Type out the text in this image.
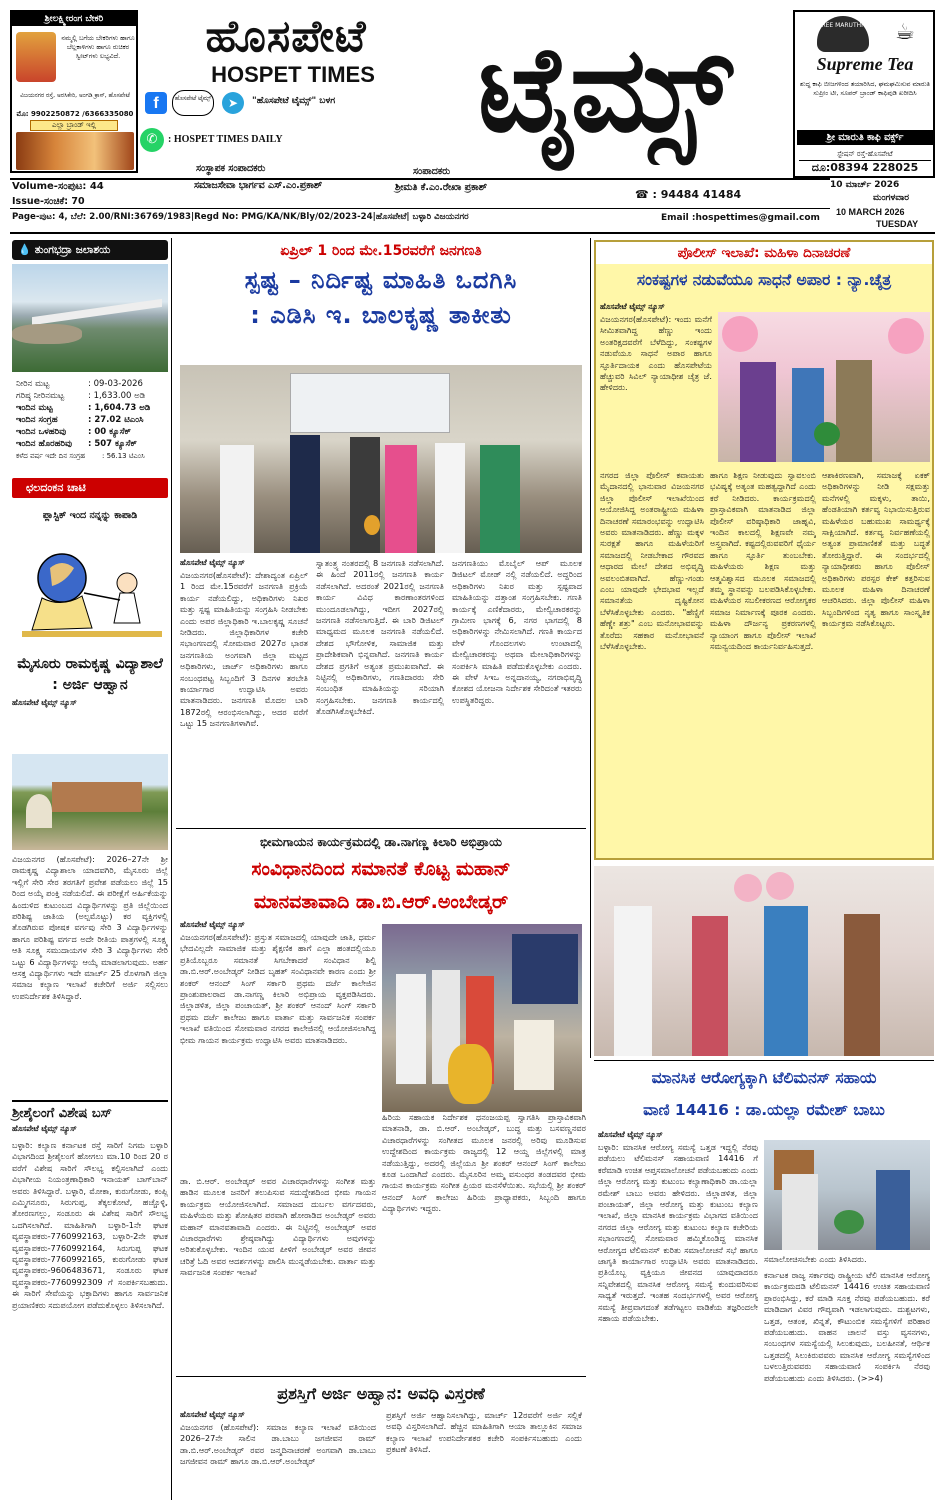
ಶ್ರೀಲಕ್ಷ್ಮೀರಂಗ ಬೇಕರಿ
ನಮ್ಮಲ್ಲಿ ಬಗೆಯ ಬೇಕರಿಗಳು ಹಾಗೂ ಬೆಲ್ಲಕಾಳಿಗಳು ಹಾಗೂ ರುಚಿಕರ ಸ್ವೀಟ್‌ಗಳು ಲಭ್ಯವಿದೆ.
ವಿಜಯನಗರ ರಸ್ತೆ, ಅರಸಿಕೇರಿ, ಅಂಗಡಿ ಕ್ರಾಸ್, ಹೊಸಪೇಟೆ
ಮೊ: 9902250872 /6366335080
ಎಲ್ಲಾ ಬ್ರಾಂಡ್ ಇಲ್ಲಿ
ಹೊಸಪೇಟೆ
HOSPET TIMES ಟೈಮ್ಸ್
f	ಹೊಸಪೇಟೆ ಟೈಮ್ಸ್	➤	"ಹೊಸಪೇಟೆ ಟೈಮ್ಸ್" ಬಳಗ
✆	: HOSPET TIMES DAILY
ಸಂಸ್ಥಾಪಕ ಸಂಪಾದಕರು
ಸಮಾಜಸೇವಾ ಭಾರ್ಗವ ಎಸ್.ಎಂ.ಪ್ರಕಾಶ್
ಸಂಪಾದಕರು
ಶ್ರೀಮತಿ ಕೆ.ಎಂ.ರೇಖಾ ಪ್ರಕಾಶ್
☎ : 94484 41484
SREE MARUTHI'S ☕
Supreme Tea
ಶುದ್ಧ ಕಾಫಿ ಬೀಜಗಳಿಂದ ತಯಾರಿಸಿದ, ಘಮಘಮಿಸುವ ಮಾರುತಿ ಸುಪ್ರೀಂ ಟೀ, ಸೂಪರ್ ಬ್ರಾಂಡ್ ಕಾಫಿಪುಡಿ ಖರೀದಿಸಿ
ಶ್ರೀ ಮಾರುತಿ ಕಾಫಿ ವರ್ಕ್ಸ್
ಸ್ಟೇಷನ್ ರಸ್ತೆ-ಹೊಸಪೇಟೆ
ದೂ:08394 228025
10 ಮಾರ್ಚ್ 2026
ಮಂಗಳವಾರ
10 MARCH 2026
TUESDAY
Volume-ಸಂಪುಟ: 44
Issue-ಸಂಚಿಕೆ: 70
Page-ಪುಟ: 4, ಬೆಲೆ: 2.00/RNI:36769/1983|Regd No: PMG/KA/NK/Bly/02/2023-24|ಹೊಸಪೇಟೆ| ಬಳ್ಳಾರಿ ವಿಜಯನಗರ	Email :hospettimes@gmail.com
💧 ತುಂಗಭದ್ರಾ ಜಲಾಶಯ
ನೀರಿನ ಮಟ್ಟ	: 09-03-2026
ಗರಿಷ್ಠ ನೀರಿನಮಟ್ಟ	: 1,633.00 ಅಡಿ
ಇಂದಿನ ಮಟ್ಟ	: 1,604.73 ಅಡಿ
ಇಂದಿನ ಸಂಗ್ರಹ	: 27.02 ಟಿಎಂಸಿ
ಇಂದಿನ ಒಳಹರಿವು	: 00 ಕ್ಯೂಸೆಕ್
ಇಂದಿನ ಹೊರಹರಿವು	: 507 ಕ್ಯೂಸೆಕ್
ಕಳೆದ ವರ್ಷ ಇದೇ ದಿನ ಸಂಗ್ರಹ	: 56.13 ಟಿಎಂಸಿ
ಛಲದಂಕನ ಚಾಟಿ
ಪ್ಲಾಸ್ಟಿಕ್ ಇಂದ ನನ್ನನ್ನು ಕಾಪಾಡಿ
ಮೈಸೂರು ರಾಮಕೃಷ್ಣ ವಿದ್ಯಾಶಾಲೆ : ಅರ್ಜಿ ಆಹ್ವಾನ
ಹೊಸಪೇಟೆ ಟೈಮ್ಸ್ ನ್ಯೂಸ್
ವಿಜಯನಗರ (ಹೊಸಪೇಟೆ): 2026–27ನೇ ಶ್ರೀ ರಾಮಕೃಷ್ಣ ವಿದ್ಯಾಶಾಲಾ ಯಾದವಗಿರಿ, ಮೈಸೂರು ಜಿಲ್ಲೆ ಇಲ್ಲಿಗೆ ಸೇರಿ ಸೇರ ತರಗತಿಗೆ ಪ್ರವೇಶ ಪಡೆಯಲು ಜಿಲ್ಲೆ 15 ರಿಂದ ಅಯ್ಕೆ ಪಂಕ್ತಿ ನಡೆಯಲಿದೆ. ಈ ಪರೀಕ್ಷೆಗೆ ಅರ್ಹಿಕೆಯನ್ನು ಹಿಂದುಳಿದ ಕುಟುಂಬದ ವಿದ್ಯಾರ್ಥಿಗಳನ್ನು ಪ್ರತಿ ಜಿಲ್ಲೆಯಿಂದ ಪರಿಶಿಷ್ಟ ಜಾತಿಯ (ಅಲ್ಪಮೊಟ್ಟು) ಕರ ವ್ಯಕ್ತಿಗಳಲ್ಲಿ ತೊಡಗಿರುವ ಪೋಷಕ ವರ್ಗವು ಸೇರಿ 3 ವಿದ್ಯಾರ್ಥಿಗಳನ್ನು ಹಾಗೂ ಪರಿಶಿಷ್ಟ ವರ್ಗದ ಅದೇ ರೀತಿಯ ಪಾತ್ರಗಳಲ್ಲಿ ಸೂಕ್ಷ್ಮ ಆತಿ ಸೂಕ್ಷ್ಮ ಸಮುದಾಯಗಳ ಸೇರಿ 3 ವಿದ್ಯಾರ್ಥಿಗಳು ಸೇರಿ ಒಟ್ಟು 6 ವಿದ್ಯಾರ್ಥಿಗಳನ್ನು ಆಯ್ಕೆ ಮಾಡಲಾಗುವುದು. ಅರ್ಹ ಆಸಕ್ತ ವಿದ್ಯಾರ್ಥಿಗಳು ಇದೇ ಮಾರ್ಚ್ 25 ರೊಳಗಾಗಿ ಜಿಲ್ಲಾ ಸಮಾಜ ಕಲ್ಯಾಣ ಇಲಾಖೆ ಕಚೇರಿಗೆ ಅರ್ಜಿ ಸಲ್ಲಿಸಲು ಉಪನಿರ್ದೇಶಕ ತಿಳಿಸಿದ್ದಾರೆ.
ಶ್ರೀಶೈಲಂಗೆ ವಿಶೇಷ ಬಸ್
ಹೊಸಪೇಟೆ ಟೈಮ್ಸ್ ನ್ಯೂಸ್
ಬಳ್ಳಾರಿ: ಕಲ್ಯಾಣ ಕರ್ನಾಟಕ ರಸ್ತೆ ಸಾರಿಗೆ ನಿಗಮ ಬಳ್ಳಾರಿ ವಿಭಾಗದಿಂದ ಶ್ರೀಶೈಲಂಗೆ ಹೋಗಲು ಮಾ.10 ರಿಂದ 20 ರ ವರೆಗೆ ವಿಶೇಷ ಸಾರಿಗೆ ಸೌಲಭ್ಯ ಕಲ್ಪಿಸಲಾಗಿದೆ ಎಂದು ವಿಭಾಗೀಯ ನಿಯಂತ್ರಣಾಧಿಕಾರಿ ಇನಾಯತ್ ಬಾಗ್‌ಬಾನ್ ಅವರು ತಿಳಿಸಿದ್ದಾರೆ. ಬಳ್ಳಾರಿ, ಮೋಕಾ, ಕುರುಗೋಡು, ಕಂಪ್ಲಿ ಎಮ್ಮಿಗನೂರು, ಸಿರುಗುಪ್ಪ, ತೆಕ್ಕಲಕೋಟೆ, ಹಚ್ಚೊಳ್ಳಿ, ತೋರಣಗಲ್ಲು, ಸಂಡೂರು ಈ ವಿಶೇಷ ಸಾರಿಗೆ ಸೌಲಭ್ಯ ಒದಗಿಸಲಾಗಿದೆ. ಮಾಹಿತಿಗಾಗಿ ಬಳ್ಳಾರಿ-1ನೇ ಘಟಕ ವ್ಯವಸ್ಥಾಪಕರು-7760992163, ಬಳ್ಳಾರಿ-2ನೇ ಘಟಕ ವ್ಯವಸ್ಥಾಪಕರು-7760992164, ಸಿರುಗುಪ್ಪ ಘಟಕ ವ್ಯವಸ್ಥಾಪಕರು-7760992165, ಕುರುಗೋಡು ಘಟಕ ವ್ಯವಸ್ಥಾಪಕರು-9606483671, ಸಂಡೂರು ಘಟಕ ವ್ಯವಸ್ಥಾಪಕರು-7760992309 ಗೆ ಸಂಪರ್ಕಿಸಬಹುದು. ಈ ಸಾರಿಗೆ ಸೇವೆಯನ್ನು ಭಕ್ತಾದಿಗಳು ಹಾಗೂ ಸಾರ್ವಜನಿಕ ಪ್ರಯಾಣಿಕರು ಸದುಪಯೋಗ ಪಡೆದುಕೊಳ್ಳಲು ತಿಳಿಸಲಾಗಿದೆ.
ಏಪ್ರಿಲ್ 1 ರಿಂದ ಮೇ.15ರವರೆಗೆ ಜನಗಣತಿ
ಸ್ಪಷ್ಟ – ನಿರ್ದಿಷ್ಟ ಮಾಹಿತಿ ಒದಗಿಸಿ
: ಎಡಿಸಿ ಇ. ಬಾಲಕೃಷ್ಣ ತಾಕೀತು
ಹೊಸಪೇಟೆ ಟೈಮ್ಸ್ ನ್ಯೂಸ್
ವಿಜಯನಗರ(ಹೊಸಪೇಟೆ): ದೇಶಾದ್ಯಂತ ಏಪ್ರಿಲ್ 1 ರಿಂದ ಮೇ.15ರವರೆಗೆ ಜನಗಣತಿ ಪ್ರಕ್ರಿಯೆ ಕಾರ್ಯ ನಡೆಯಲಿದ್ದು, ಅಧಿಕಾರಿಗಳು ನಿಖರ ಮತ್ತು ಸ್ಪಷ್ಟ ಮಾಹಿತಿಯನ್ನು ಸಂಗ್ರಹಿಸಿ ನೀಡಬೇಕು ಎಂದು ಅಪರ ಜಿಲ್ಲಾಧಿಕಾರಿ ಇ.ಬಾಲಕೃಷ್ಣ ಸೂಚನೆ ನೀಡಿದರು. ಜಿಲ್ಲಾಧಿಕಾರಿಗಳ ಕಚೇರಿ ಸಭಾಂಗಣದಲ್ಲಿ ಸೋಮವಾರ 2027ರ ಭಾರತ ಜನಗಣತಿಯ ಅಂಗವಾಗಿ ಜಿಲ್ಲಾ ಮಟ್ಟದ ಅಧಿಕಾರಿಗಳು, ಚಾರ್ಜ್ ಅಧಿಕಾರಿಗಳು ಹಾಗೂ ಸಂಬಂಧಪಟ್ಟ ಸಿಬ್ಬಂದಿಗೆ 3 ದಿನಗಳ ತರಬೇತಿ ಕಾರ್ಯಾಗಾರ ಉದ್ಘಾಟಿಸಿ ಅವರು ಮಾತನಾಡಿದರು. ಜನಗಣತಿ ಮೊದಲ ಬಾರಿ 1872ರಲ್ಲಿ ಆರಂಭಿಸಲಾಗಿದ್ದು, ಅದರ ವರೆಗೆ ಒಟ್ಟು 15 ಜನಗಣತಿಗಳಾಗಿವೆ.
ಸ್ವಾತಂತ್ರ್ಯ ನಂತರದಲ್ಲಿ 8 ಜನಗಣತಿ ನಡೆಸಲಾಗಿದೆ. ಈ ಹಿಂದೆ 2011ರಲ್ಲಿ ಜನಗಣತಿ ಕಾರ್ಯ ನಡೆಸಲಾಗಿದೆ. ಅದರಂತೆ 2021ರಲ್ಲಿ ಜನಗಣತಿ ಕಾರ್ಯ ವಿವಿಧ ಕಾರಣಾಂತರಗಳಿಂದ ಮುಂದೂಡಲಾಗಿದ್ದು, ಇದೀಗ 2027ರಲ್ಲಿ ಜನಗಣತಿ ನಡೆಸಲಾಗುತ್ತಿದೆ. ಈ ಬಾರಿ ಡಿಜಿಟಲ್ ಮಾಧ್ಯಮದ ಮೂಲಕ ಜನಗಣತಿ ನಡೆಯಲಿದೆ. ದೇಶದ ಭೌಗೋಳಿಕ, ಸಾಮಾಜಿಕ ಮತ್ತು ಪ್ರಾದೇಶಿಕವಾಗಿ ಭಿನ್ನವಾಗಿದೆ. ಜನಗಣತಿ ಕಾರ್ಯ ದೇಶದ ಪ್ರಗತಿಗೆ ಅತ್ಯಂತ ಪ್ರಮುಖವಾಗಿದೆ. ಈ ನಿಟ್ಟಿನಲ್ಲಿ ಅಧಿಕಾರಿಗಳು, ಗಣತಿದಾರರು ಸೇರಿ ಸಂಬಂಧಿತ ಮಾಹಿತಿಯನ್ನು ಸರಿಯಾಗಿ ಸಂಗ್ರಹಿಸಬೇಕು. ಜನಗಣತಿ ಕಾರ್ಯದಲ್ಲಿ ತೊಡಗಿಸಿಕೊಳ್ಳಬೇಕಿದೆ.
ಜನಗಣತಿಯು ಮೊಬೈಲ್ ಆಪ್ ಮೂಲಕ ಡಿಜಿಟಲ್ ಮೋಡ್ ನಲ್ಲಿ ನಡೆಯಲಿದೆ. ಅದ್ದರಿಂದ ಅಧಿಕಾರಿಗಳು ನಿಖರ ಮತ್ತು ಸ್ಪಷ್ಟವಾದ ಮಾಹಿತಿಯನ್ನು ದತ್ತಾಂಶ ಸಂಗ್ರಹಿಸಬೇಕು. ಗಣತಿ ಕಾರ್ಯಕ್ಕೆ ಎಣಿಕೆದಾರರು, ಮೇಲ್ವಿಚಾರಕರನ್ನು ಗ್ರಾಮೀಣ ಭಾಗಕ್ಕೆ 6, ನಗರ ಭಾಗದಲ್ಲಿ 8 ಅಧಿಕಾರಿಗಳನ್ನು ನೇಮಿಸಲಾಗಿದೆ. ಗಣತಿ ಕಾರ್ಯದ ವೇಳೆ ಗೊಂದಲಗಳು ಉಂಟಾದಲ್ಲಿ ಮೇಲ್ವಿಚಾರಕರನ್ನು ಅಥವಾ ಮೇಲಾಧಿಕಾರಿಗಳನ್ನು ಸಂಪರ್ಕಿಸಿ ಮಾಹಿತಿ ಪಡೆದುಕೊಳ್ಳಬೇಕು ಎಂದರು. ಈ ವೇಳೆ ಸಿಇಒ ಅನ್ನದಾನಯ್ಯ, ನಗರಾಭಿವೃದ್ಧಿ ಕೋಶದ ಯೋಜನಾ ನಿರ್ದೇಶಕ ಸೇರಿದಂತೆ ಇತರರು ಉಪಸ್ಥಿತರಿದ್ದರು.
ಭೀಮಗಾಯನ ಕಾರ್ಯಕ್ರಮದಲ್ಲಿ ಡಾ.ನಾಗಣ್ಣ ಕಿಲಾರಿ ಅಭಿಪ್ರಾಯ
ಸಂವಿಧಾನದಿಂದ ಸಮಾನತೆ ಕೊಟ್ಟ ಮಹಾನ್
ಮಾನವತಾವಾದಿ ಡಾ.ಬಿ.ಆರ್.ಅಂಬೇಡ್ಕರ್
ಹೊಸಪೇಟೆ ಟೈಮ್ಸ್ ನ್ಯೂಸ್
ವಿಜಯನಗರ(ಹೊಸಪೇಟೆ): ಪ್ರಸ್ತುತ ಸಮಾಜದಲ್ಲಿ ಯಾವುದೇ ಜಾತಿ, ಧರ್ಮ ಭೇದವಿಲ್ಲದೇ ಸಾಮಾಜಿಕ ಮತ್ತು ಶೈಕ್ಷಣಿಕ ಹಾಗೆ ಎಲ್ಲಾ ಹಂತದಲ್ಲಿಯೂ ಪ್ರತಿಯೊಬ್ಬರೂ ಸಮಾನತೆ ಸಿಗಬೇಕಾದರೆ ಸಂವಿಧಾನ ಶಿಲ್ಪಿ ಡಾ.ಬಿ.ಆರ್.ಅಂಬೇಡ್ಕರ್ ನೀಡಿದ ಬೃಹತ್ ಸಂವಿಧಾನವೇ ಕಾರಣ ಎಂದು ಶ್ರೀ ಶಂಕರ್ ಆನಂದ್ ಸಿಂಗ್ ಸರ್ಕಾರಿ ಪ್ರಥಮ ದರ್ಜೆ ಕಾಲೇಜಿನ ಪ್ರಾಂಶುಪಾಲರಾದ ಡಾ.ನಾಗಣ್ಣ ಕಿಲಾರಿ ಅಭಿಪ್ರಾಯ ವ್ಯಕ್ತಪಡಿಸಿದರು. ಜಿಲ್ಲಾಡಳಿತ, ಜಿಲ್ಲಾ ಪಂಚಾಯತ್, ಶ್ರೀ ಶಂಕರ್ ಆನಂದ್ ಸಿಂಗ್ ಸರ್ಕಾರಿ ಪ್ರಥಮ ದರ್ಜೆ ಕಾಲೇಜು ಹಾಗೂ ವಾರ್ತಾ ಮತ್ತು ಸಾರ್ವಜನಿಕ ಸಂಪರ್ಕ ಇಲಾಖೆ ವತಿಯಿಂದ ಸೋಮವಾರ ನಗರದ ಕಾಲೇಜಿನಲ್ಲಿ ಆಯೋಜಿಸಲಾಗಿದ್ದ ಭೀಮ ಗಾಯನ ಕಾರ್ಯಕ್ರಮ ಉದ್ಘಾಟಿಸಿ ಅವರು ಮಾತನಾಡಿದರು.
ಡಾ. ಬಿ.ಆರ್. ಅಂಬೇಡ್ಕರ್ ಅವರ ವಿಚಾರಧಾರೆಗಳನ್ನು ಸಂಗೀತ ಮತ್ತು ಹಾಡಿನ ಮೂಲಕ ಜನರಿಗೆ ತಲುಪಿಸುವ ಸದುದ್ದೇಶದಿಂದ ಭೀಮ ಗಾಯನ ಕಾರ್ಯಕ್ರಮ ಆಯೋಜಿಸಲಾಗಿದೆ. ಸಮಾಜದ ದುರ್ಬಲ ವರ್ಗದವರು, ಮಹಿಳೆಯರು ಮತ್ತು ಶೋಷಿತರ ಪರವಾಗಿ ಹೋರಾಡಿದ ಅಂಬೇಡ್ಕರ್ ಅವರು ಮಹಾನ್ ಮಾನವತಾವಾದಿ ಎಂದರು. ಈ ನಿಟ್ಟಿನಲ್ಲಿ ಅಂಬೇಡ್ಕರ್ ಅವರ ವಿಚಾರಧಾರೆಗಳು ಶ್ರೇಷ್ಠವಾಗಿದ್ದು ವಿದ್ಯಾರ್ಥಿಗಳು ಅವುಗಳನ್ನು ಅರಿತುಕೊಳ್ಳಬೇಕು. ಇಂದಿನ ಯುವ ಪೀಳಿಗೆ ಅಂಬೇಡ್ಕರ್ ಅವರ ಜೀವನ ಚರಿತ್ರೆ ಓದಿ ಅವರ ಆದರ್ಶಗಳನ್ನು ಪಾಲಿಸಿ ಮುನ್ನಡೆಯಬೇಕು. ವಾರ್ತಾ ಮತ್ತು ಸಾರ್ವಜನಿಕ ಸಂಪರ್ಕ ಇಲಾಖೆ
ಹಿರಿಯ ಸಹಾಯಕ ನಿರ್ದೇಶಕ ಧನಂಜಯಪ್ಪ ಸ್ವಾಗತಿಸಿ ಪ್ರಾಸ್ತಾವಿಕವಾಗಿ ಮಾತನಾಡಿ, ಡಾ. ಬಿ.ಆರ್. ಅಂಬೇಡ್ಕರ್, ಬುದ್ಧ ಮತ್ತು ಬಸವಣ್ಣನವರ ವಿಚಾರಧಾರೆಗಳನ್ನು ಸಂಗೀತದ ಮೂಲಕ ಜನರಲ್ಲಿ ಅರಿವು ಮೂಡಿಸುವ ಉದ್ದೇಶದಿಂದ ಕಾರ್ಯಕ್ರಮ ರಾಜ್ಯದಲ್ಲಿ 12 ಆಯ್ದ ಜಿಲ್ಲೆಗಳಲ್ಲಿ ಮಾತ್ರ ನಡೆಯುತ್ತಿದ್ದು, ಅದರಲ್ಲಿ ಜಿಲ್ಲೆಯೂ ಶ್ರೀ ಶಂಕರ್ ಆನಂದ್ ಸಿಂಗ್ ಕಾಲೇಜು ಕೂಡ ಒಂದಾಗಿದೆ ಎಂದರು. ಮೈಸೂರಿನ ಅಮ್ಮ ವಸುಂಧರ ತಂಡದವರ ಭೀಮ ಗಾಯನ ಕಾರ್ಯಕ್ರಮ ಸಂಗೀತ ಪ್ರಿಯರ ಮನಸೆಳೆಯಿತು. ಸಭೆಯಲ್ಲಿ ಶ್ರೀ ಶಂಕರ್ ಆನಂದ್ ಸಿಂಗ್ ಕಾಲೇಜು ಹಿರಿಯ ಪ್ರಾಧ್ಯಾಪಕರು, ಸಿಬ್ಬಂದಿ ಹಾಗೂ ವಿದ್ಯಾರ್ಥಿಗಳು ಇದ್ದರು.
ಪ್ರಶಸ್ತಿಗೆ ಅರ್ಜಿ ಅಹ್ವಾನ: ಅವಧಿ ವಿಸ್ತರಣೆ
ಹೊಸಪೇಟೆ ಟೈಮ್ಸ್ ನ್ಯೂಸ್
ವಿಜಯನಗರ (ಹೊಸಪೇಟೆ): ಸಮಾಜ ಕಲ್ಯಾಣ ಇಲಾಖೆ ವತಿಯಿಂದ 2026–27ನೇ ಸಾಲಿನ ಡಾ.ಬಾಬು ಜಗಜೀವನ ರಾಮ್ ಡಾ.ಬಿ.ಆರ್.ಅಂಬೇಡ್ಕರ್ ರವರ ಜನ್ಮದಿನಾಚರಣೆ ಅಂಗವಾಗಿ ಡಾ.ಬಾಬು ಜಗಜೀವನ ರಾಮ್ ಹಾಗೂ ಡಾ.ಬಿ.ಆರ್.ಅಂಬೇಡ್ಕರ್
ಪ್ರಶಸ್ತಿಗೆ ಅರ್ಜಿ ಆಹ್ವಾನಿಸಲಾಗಿದ್ದು, ಮಾರ್ಚ್ 12ರವರೆಗೆ ಅರ್ಜಿ ಸಲ್ಲಿಕೆ ಅವಧಿ ವಿಸ್ತರಿಸಲಾಗಿದೆ. ಹೆಚ್ಚಿನ ಮಾಹಿತಿಗಾಗಿ ಆಯಾ ತಾಲ್ಲೂಕಿನ ಸಮಾಜ ಕಲ್ಯಾಣ ಇಲಾಖೆ ಉಪನಿರ್ದೇಶಕರ ಕಚೇರಿ ಸಂಪರ್ಕಿಸಬಹುದು ಎಂದು ಪ್ರಕಟಣೆ ತಿಳಿಸಿದೆ.
ಪೊಲೀಸ್ ಇಲಾಖೆ: ಮಹಿಳಾ ದಿನಾಚರಣೆ
ಸಂಕಷ್ಟಗಳ ನಡುವೆಯೂ ಸಾಧನೆ ಅಪಾರ : ನ್ಯಾ.ಚೈತ್ರ
ಹೊಸಪೇಟೆ ಟೈಮ್ಸ್ ನ್ಯೂಸ್
ವಿಜಯನಗರ(ಹೊಸಪೇಟೆ): ಇಂದು ಮನೆಗೆ ಸೀಮಿತವಾಗಿದ್ದ ಹೆಣ್ಣು ಇಂದು ಅಂತರಿಕ್ಷದವರೆಗೆ ಬೆಳೆದಿದ್ದು, ಸಂಕಷ್ಟಗಳ ನಡುವೆಯೂ ಸಾಧನೆ ಅಪಾರ ಹಾಗೂ ಸ್ಫೂರ್ತಿದಾಯಕ ಎಂದು ಹೊಸಪೇಟೆಯ ಹೆಚ್ಚುವರಿ ಸಿವಿಲ್ ನ್ಯಾಯಾಧೀಶ ಚೈತ್ರ ಜೆ. ಹೇಳಿದರು.
ನಗರದ ಜಿಲ್ಲಾ ಪೊಲೀಸ್ ಕವಾಯತು ಮೈದಾನದಲ್ಲಿ ಭಾನುವಾರ ವಿಜಯನಗರ ಜಿಲ್ಲಾ ಪೊಲೀಸ್ ಇಲಾಖೆಯಿಂದ ಆಯೋಜಿಸಿದ್ದ ಅಂತರಾಷ್ಟ್ರೀಯ ಮಹಿಳಾ ದಿನಾಚರಣೆ ಸಮಾರಂಭವನ್ನು ಉದ್ಘಾಟಿಸಿ ಅವರು ಮಾತನಾಡಿದರು. ಹೆಣ್ಣು ಮಕ್ಕಳ ಸುರಕ್ಷತೆ ಹಾಗೂ ಮಹಿಳೆಯರಿಗೆ ಸಮಾಜದಲ್ಲಿ ನೀಡಬೇಕಾದ ಗೌರವದ ಆಧಾರದ ಮೇಲೆ ದೇಶದ ಅಭಿವೃದ್ಧಿ ಅವಲಂಬಿತವಾಗಿದೆ. ಹೆಣ್ಣು-ಗಂಡು ಎಂಬ ಯಾವುದೇ ಭೇದಭಾವ ಇಲ್ಲದೆ ಸಮಾನತೆಯ ದೃಷ್ಟಿಕೋನ ಬೆಳೆಸಿಕೊಳ್ಳಬೇಕು ಎಂದರು. "ಹೆಣ್ಣಿಗೆ ಹೆಣ್ಣೇ ಶತ್ರು" ಎಂಬ ಮನೋಭಾವವನ್ನು ತೊರೆದು ಸಹಕಾರ ಮನೋಭಾವನೆ ಬೆಳೆಸಿಕೊಳ್ಳಬೇಕು.
ಹಾಗೂ ಶಿಕ್ಷಣ ನೀಡುವುದು ಸ್ವಾವಲಂಬಿ ಭವಿಷ್ಯಕ್ಕೆ ಅತ್ಯಂತ ಮಹತ್ವದ್ದಾಗಿದೆ ಎಂದು ಕರೆ ನೀಡಿದರು. ಕಾರ್ಯಕ್ರಮದಲ್ಲಿ ಪ್ರಾಸ್ತಾವಿಕವಾಗಿ ಮಾತನಾಡಿದ ಜಿಲ್ಲಾ ಪೊಲೀಸ್ ವರಿಷ್ಠಾಧಿಕಾರಿ ಜಾಹ್ನವಿ, ಇಂದಿನ ಕಾಲದಲ್ಲಿ ಶಿಕ್ಷಣವೇ ನಮ್ಮ ಅಸ್ತ್ರವಾಗಿದೆ. ಕಷ್ಟದಲ್ಲಿರುವವರಿಗೆ ಧೈರ್ಯ ಹಾಗೂ ಸ್ಫೂರ್ತಿ ತುಂಬಬೇಕು. ಮಹಿಳೆಯರು ಶಿಕ್ಷಣ ಮತ್ತು ಆತ್ಮವಿಶ್ವಾಸದ ಮೂಲಕ ಸಮಾಜದಲ್ಲಿ ತಮ್ಮ ಸ್ಥಾನವನ್ನು ಬಲಪಡಿಸಿಕೊಳ್ಳಬೇಕು. ಮಹಿಳೆಯರ ಸಬಲೀಕರಣದ ಆರೋಗ್ಯಕರ ಸಮಾಜ ನಿರ್ಮಾಣಕ್ಕೆ ಪೂರಕ ಎಂದರು. ಮಹಿಳಾ ದೌರ್ಜನ್ಯ ಪ್ರಕರಣಗಳಲ್ಲಿ ನ್ಯಾಯಾಂಗ ಹಾಗೂ ಪೊಲೀಸ್ ಇಲಾಖೆ ಸಮನ್ವಯದಿಂದ ಕಾರ್ಯನಿರ್ವಹಿಸುತ್ತದೆ.
ಆಶಾಕಿರಣವಾಗಿ, ಸಮಾಜಕ್ಕೆ ಏಕಕ್ ಅಧಿಕಾರಿಗಳನ್ನು ನೀಡಿ ಸಕ್ಷಮತ್ತು ಮನೆಗಳಲ್ಲಿ ಮಕ್ಕಳು, ತಾಯಿ, ಹೆಂಡತಿಯಾಗಿ ಕರ್ತವ್ಯ ನಿಭಾಯಿಸುತ್ತಿರುವ ಮಹಿಳೆಯರ ಬಹುಮುಖ ಸಾಮರ್ಥ್ಯಕ್ಕೆ ಸಾಕ್ಷಿಯಾಗಿದೆ. ಕರ್ತವ್ಯ ನಿರ್ವಹಣೆಯಲ್ಲಿ ಅತ್ಯಂತ ಪ್ರಾಮಾಣಿಕತೆ ಮತ್ತು ಬದ್ಧತೆ ತೋರುತ್ತಿದ್ದಾರೆ. ಈ ಸಂದರ್ಭದಲ್ಲಿ ನ್ಯಾಯಾಧೀಶರು ಹಾಗೂ ಪೊಲೀಸ್ ಅಧಿಕಾರಿಗಳು ಪರಸ್ಪರ ಕೇಕ್ ಕತ್ತರಿಸುವ ಮೂಲಕ ಮಹಿಳಾ ದಿನಾಚರಣೆ ಆಚರಿಸಿದರು. ಜಿಲ್ಲಾ ಪೊಲೀಸ್ ಮಹಿಳಾ ಸಿಬ್ಬಂದಿಗಳಿಂದ ನೃತ್ಯ ಹಾಗೂ ಸಾಂಸ್ಕೃತಿಕ ಕಾರ್ಯಕ್ರಮ ನಡೆಸಿಕೊಟ್ಟರು.
ಮಾನಸಿಕ ಆರೋಗ್ಯಕ್ಕಾಗಿ ಟೆಲಿಮನಸ್ ಸಹಾಯ
ವಾಣಿ 14416 : ಡಾ.ಯಲ್ಲಾ ರಮೇಶ್ ಬಾಬು
ಹೊಸಪೇಟೆ ಟೈಮ್ಸ್ ನ್ಯೂಸ್
ಬಳ್ಳಾರಿ: ಮಾನಸಿಕ ಆರೋಗ್ಯ ಸಮಸ್ಯೆ ಒತ್ತಡ ಇದ್ದಲ್ಲಿ ನೆರವು ಪಡೆಯಲು ಟೆಲಿಮನಸ್ ಸಹಾಯವಾಣಿ 14416 ಗೆ ಕರೆಮಾಡಿ ಉಚಿತ ಆಪ್ತಸಮಾಲೋಚನೆ ಪಡೆಯಬಹುದು ಎಂದು ಜಿಲ್ಲಾ ಆರೋಗ್ಯ ಮತ್ತು ಕುಟುಂಬ ಕಲ್ಯಾಣಾಧಿಕಾರಿ ಡಾ.ಯಲ್ಲಾ ರಮೇಶ್ ಬಾಬು ಅವರು ಹೇಳಿದರು. ಜಿಲ್ಲಾಡಳಿತ, ಜಿಲ್ಲಾ ಪಂಚಾಯತ್, ಜಿಲ್ಲಾ ಆರೋಗ್ಯ ಮತ್ತು ಕುಟುಂಬ ಕಲ್ಯಾಣ ಇಲಾಖೆ, ಜಿಲ್ಲಾ ಮಾನಸಿಕ ಕಾರ್ಯಕ್ರಮ ವಿಭಾಗದ ವತಿಯಿಂದ ನಗರದ ಜಿಲ್ಲಾ ಆರೋಗ್ಯ ಮತ್ತು ಕುಟುಂಬ ಕಲ್ಯಾಣ ಕಚೇರಿಯ ಸಭಾಂಗಣದಲ್ಲಿ ಸೋಮವಾರ ಹಮ್ಮಿಕೊಂಡಿದ್ದ ಮಾನಸಿಕ ಆರೋಗ್ಯದ ಟೆಲಿಮನಸ್ ಕುರಿತು ಸಮಾಲೋಚನೆ ಸಭೆ ಹಾಗೂ ಜಾಗೃತಿ ಕಾರ್ಯಾಗಾರ ಉದ್ಘಾಟಿಸಿ ಅವರು ಮಾತನಾಡಿದರು. ಪ್ರತಿಯೊಬ್ಬ ವ್ಯಕ್ತಿಯೂ ಜೀವನದ ಯಾವುದಾದರೂ ಸನ್ನಿವೇಶದಲ್ಲಿ ಮಾನಸಿಕ ಆರೋಗ್ಯ ಸಮಸ್ಯೆ ಕುಂದುವರಿಸುವ ಸಾಧ್ಯತೆ ಇರುತ್ತದೆ. ಇಂತಹ ಸಂದರ್ಭಗಳಲ್ಲಿ ಅವರ ಆರೋಗ್ಯ ಸಮಸ್ಯೆ ತೀವ್ರವಾಗದಂತೆ ತಡೆಗಟ್ಟಲು ವಾಡಿಕೆಯ ತಜ್ಞರಿಂದಲೇ ಸಹಾಯ ಪಡೆಯಬೇಕು.
ಸಮಾಲೋಚಿಸಬೇಕು ಎಂದು ತಿಳಿಸಿದರು.
ಕರ್ನಾಟಕ ರಾಜ್ಯ ಸರ್ಕಾರವು ರಾಷ್ಟ್ರೀಯ ಟೆಲಿ ಮಾನಸಿಕ ಆರೋಗ್ಯ ಕಾರ್ಯಕ್ರಮದಡಿ ಟೆಲಿಮನಸ್ 14416 ಉಚಿತ ಸಹಾಯವಾಣಿ ಪ್ರಾರಂಭಿಸಿದ್ದು, ಕರೆ ಮಾಡಿ ಸೂಕ್ತ ನೆರವು ಪಡೆಯಬಹುದು. ಕರೆ ಮಾಡಿದಾಗ ವಿವರ ಗೌಪ್ಯವಾಗಿ ಇಡಲಾಗುವುದು. ದುಶ್ಚಟಗಳು, ಒತ್ತಡ, ಆತಂಕ, ಖಿನ್ನತೆ, ಕೌಟುಂಬಿಕ ಸಮಸ್ಯೆಗಳಿಗೆ ಪರಿಹಾರ ಪಡೆಯಬಹುದು. ವಾಹನ ಚಾಲನೆ ವಸ್ತು ವ್ಯಸನಗಳು, ಸಂಬಂಧಗಳ ಸಮಸ್ಯೆಯಲ್ಲಿ ಸಿಲುಕುವುದು, ಬಲಹೀನತೆ, ಆರ್ಥಿಕ ಒತ್ತಡದಲ್ಲಿ ಸಿಲುಕಿರುವವರು ಮಾನಸಿಕ ಆರೋಗ್ಯ ಸಮಸ್ಯೆಗಳಿಂದ ಬಳಲುತ್ತಿರುವವರು ಸಹಾಯವಾಣಿ ಸಂಪರ್ಕಿಸಿ ನೆರವು ಪಡೆಯಬಹುದು ಎಂದು ತಿಳಿಸಿದರು. (>>4)
